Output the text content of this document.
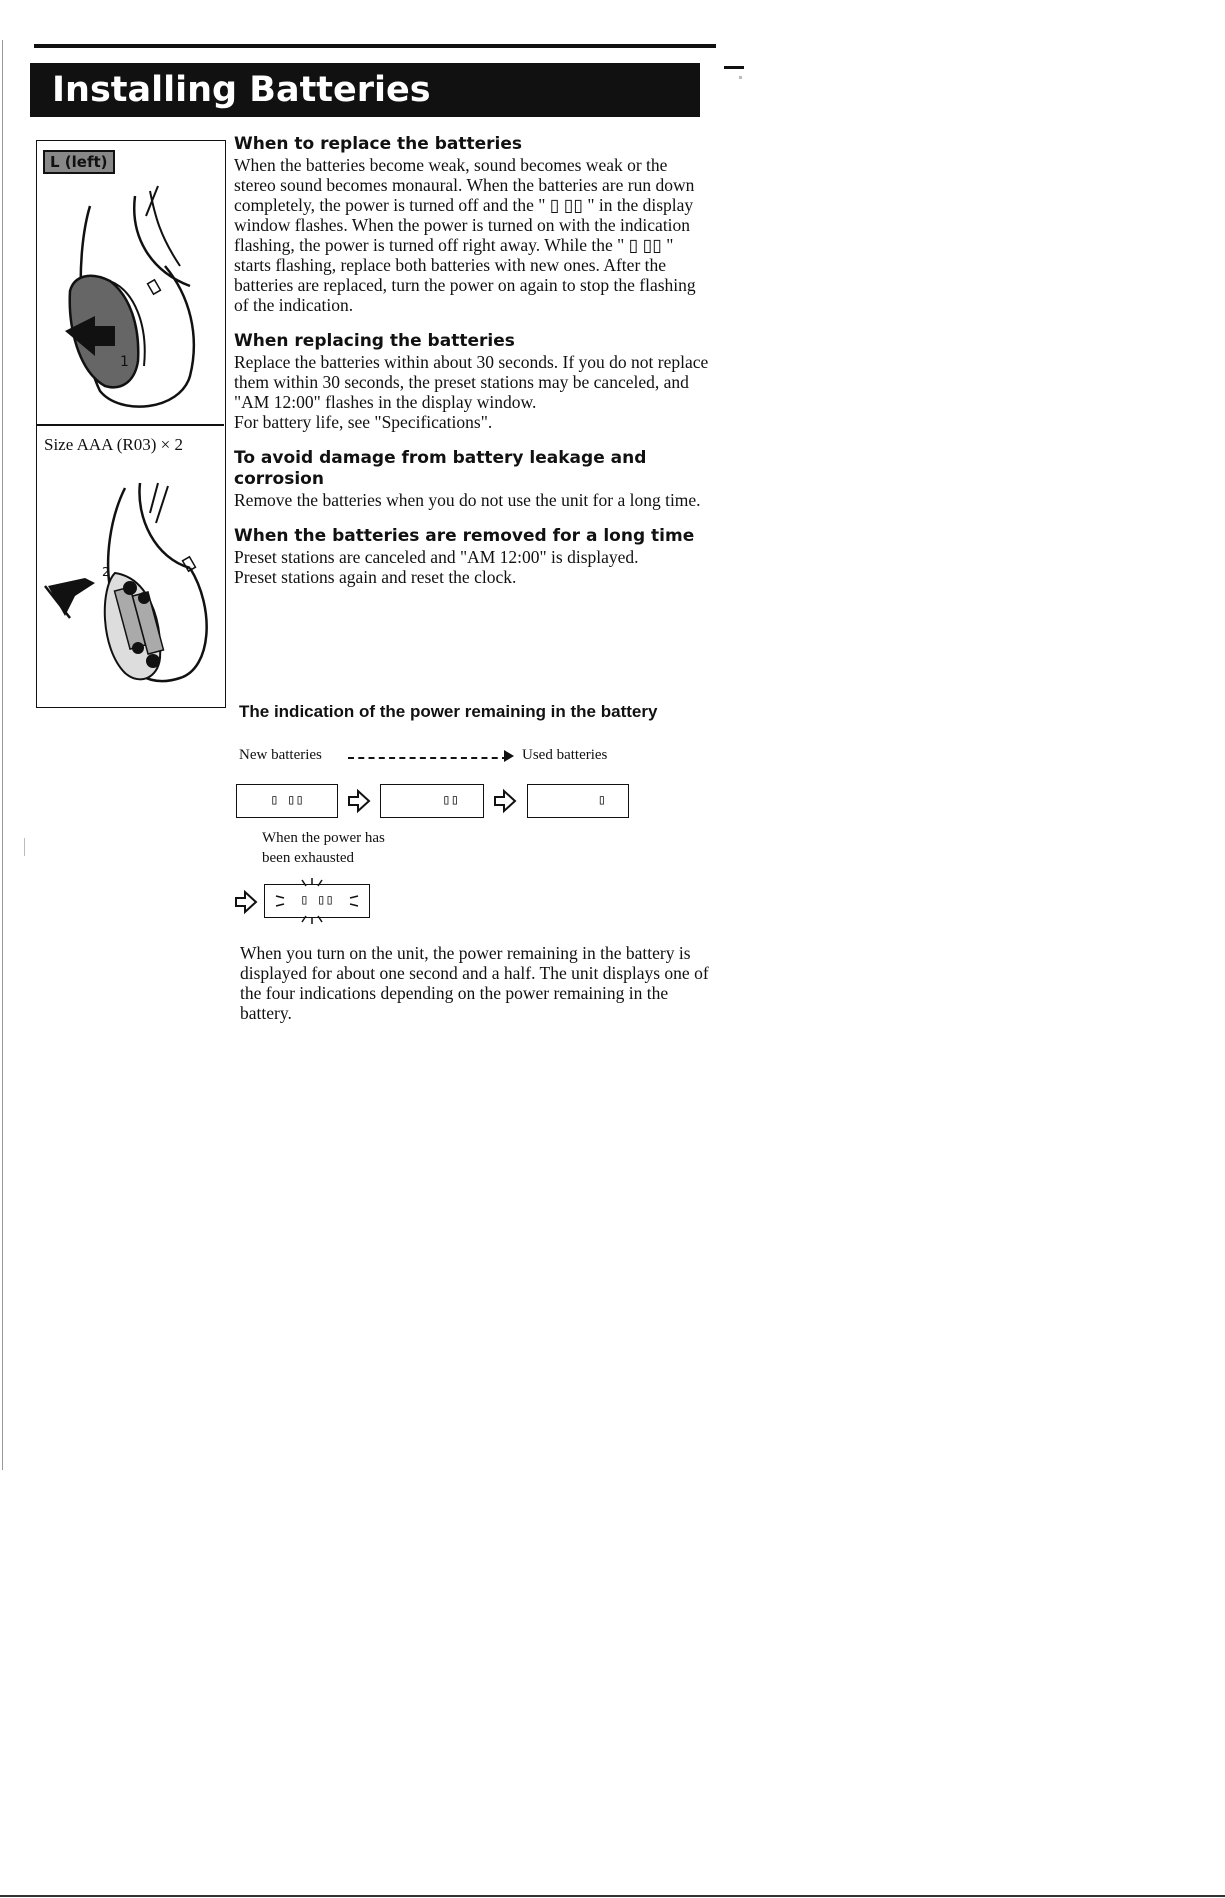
Installing Batteries
L (left)
1
Size AAA (R03) × 2
2
When to replace the batteries

When the batteries become weak, sound becomes weak or the stereo sound becomes monaural. When the batteries are run down completely, the power is turned off and the " ▯ ▯▯ " in the display window flashes. When the power is turned on with the indication flashing, the power is turned off right away. While the " ▯ ▯▯ " starts flashing, replace both batteries with new ones. After the batteries are replaced, turn the power on again to stop the flashing of the indication.

When replacing the batteries

Replace the batteries within about 30 seconds. If you do not replace them within 30 seconds, the preset stations may be canceled, and "AM 12:00" flashes in the display window.

For battery life, see "Specifications".

To avoid damage from battery leakage and corrosion

Remove the batteries when you do not use the unit for a long time.

When the batteries are removed for a long time

Preset stations are canceled and "AM 12:00" is displayed.

Preset stations again and reset the clock.

The indication of the power remaining in the battery
New batteries	Used batteries
▯ ▯▯	▯▯	▯
When the power has
been exhausted
▯ ▯▯

When you turn on the unit, the power remaining in the battery is displayed for about one second and a half. The unit displays one of the four indications depending on the power remaining in the battery.
